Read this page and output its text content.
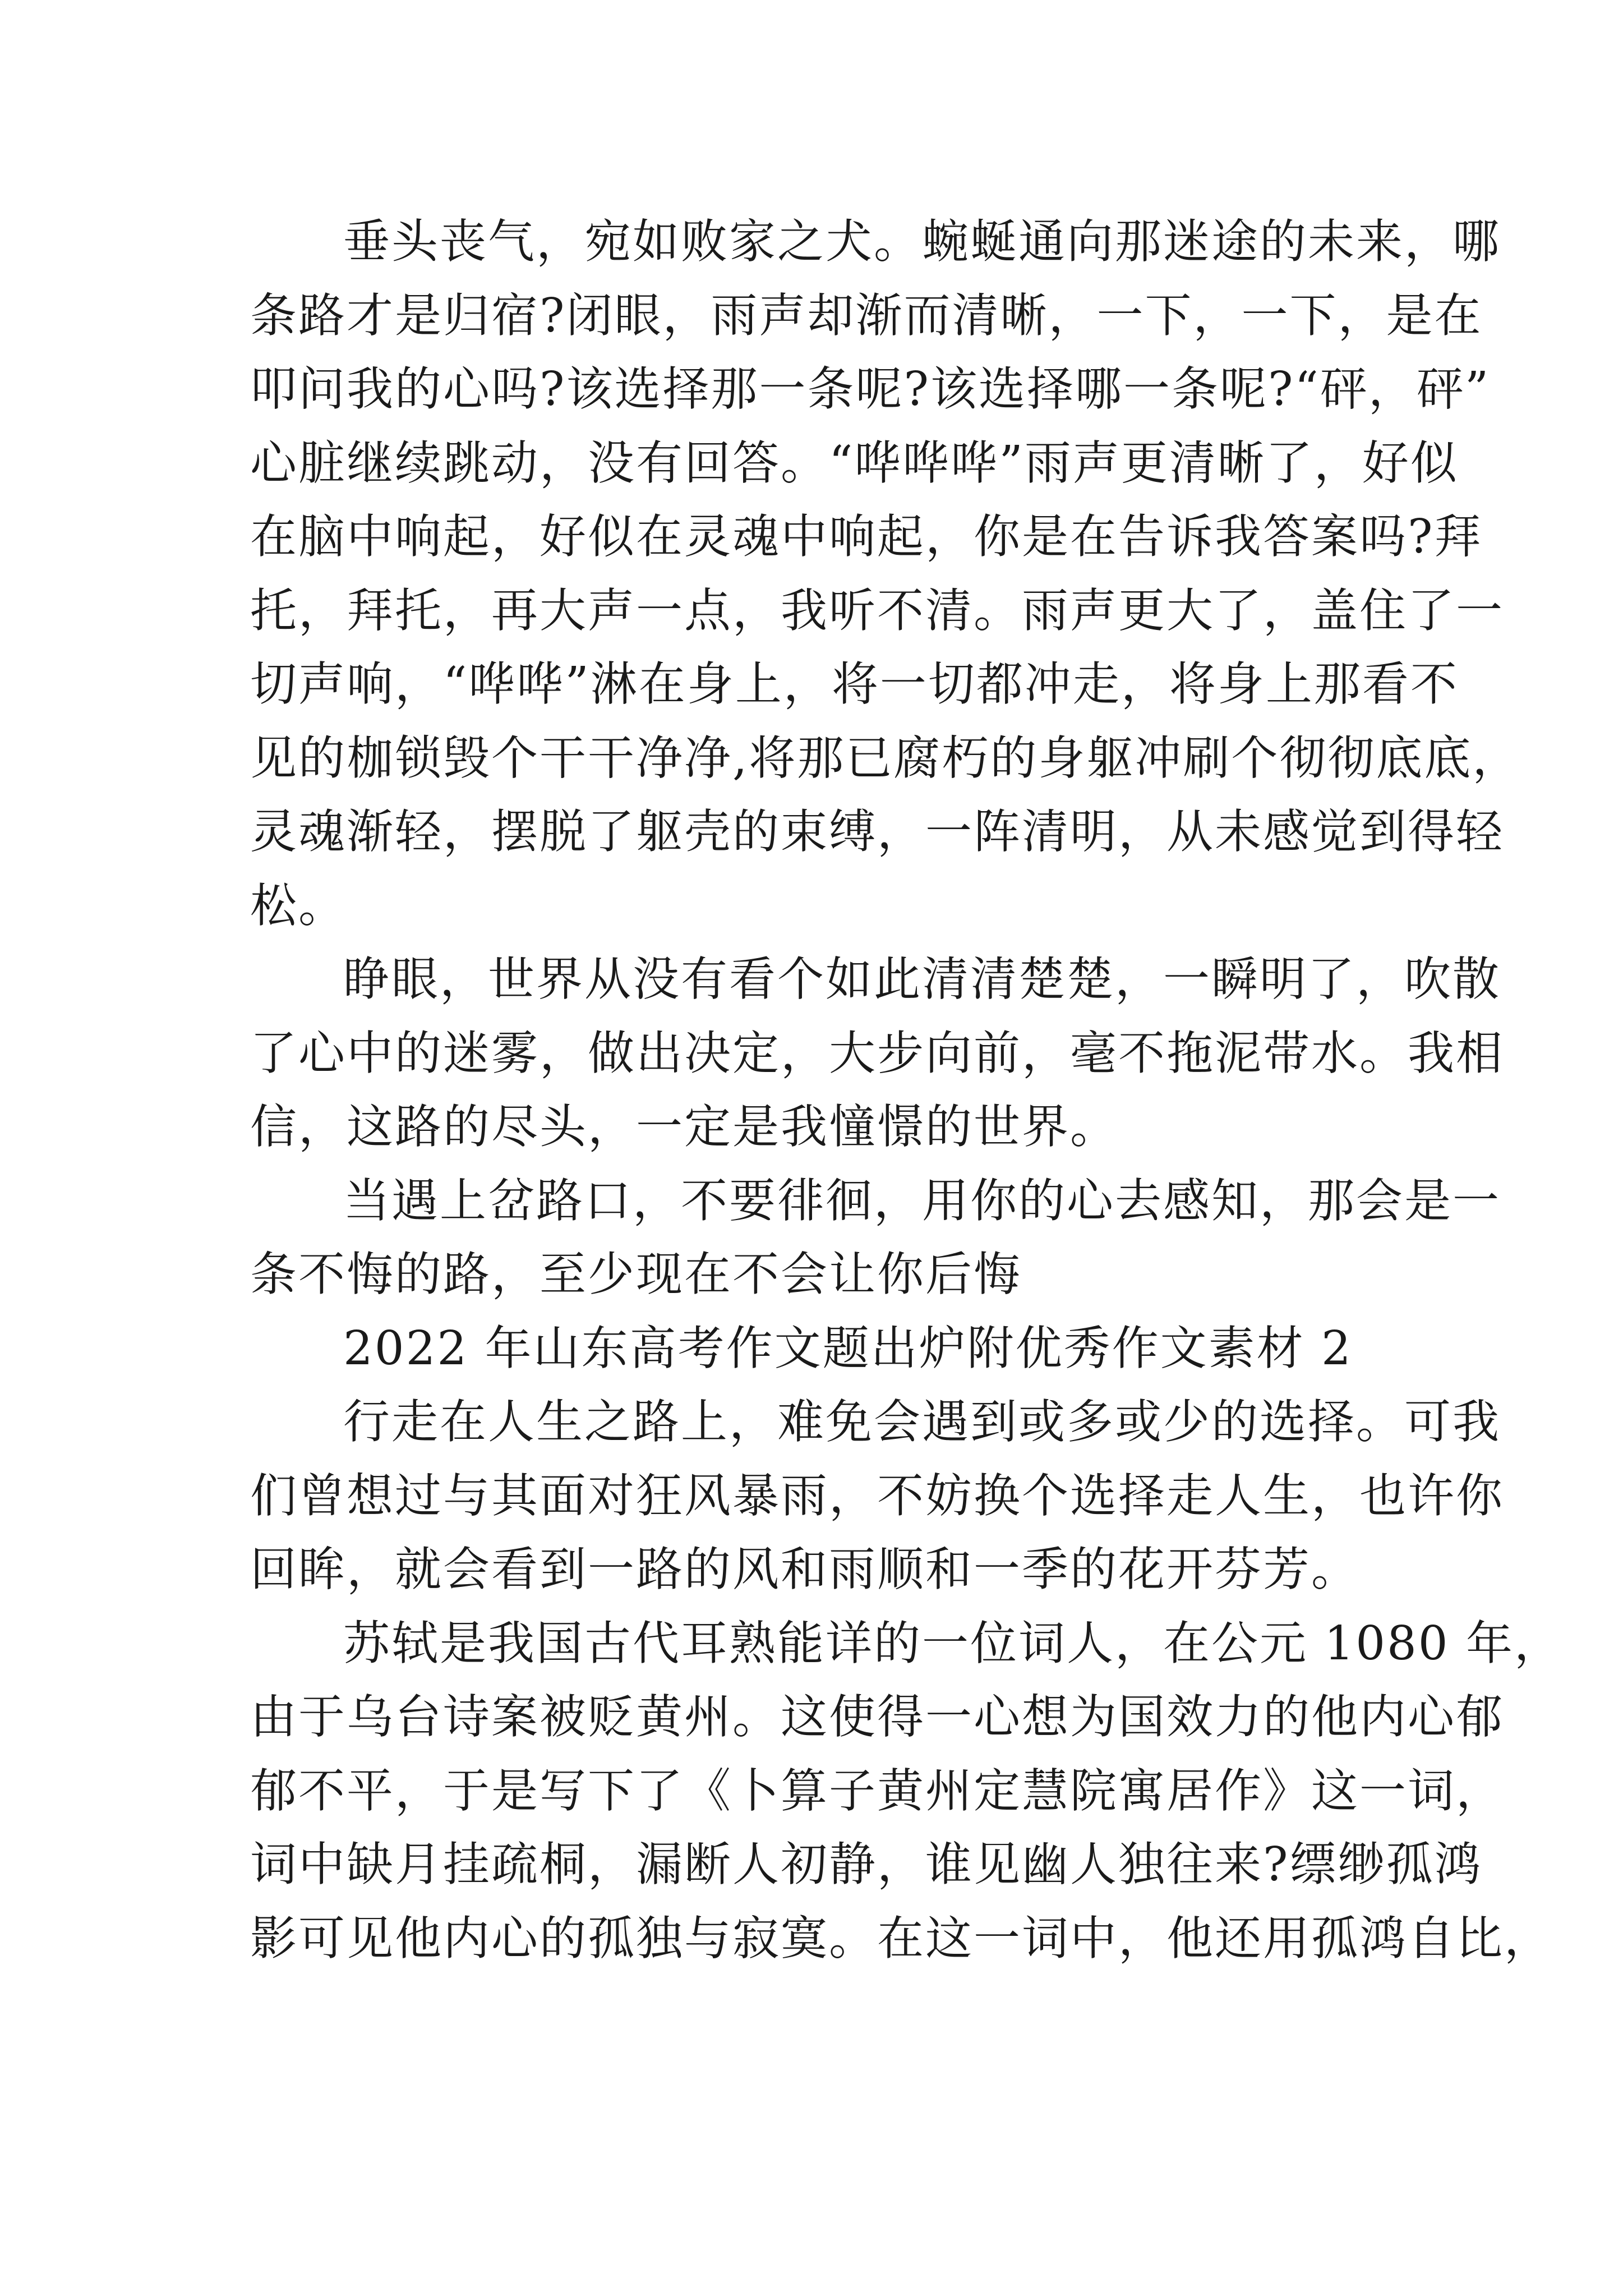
垂头丧气，宛如败家之犬。蜿蜒通向那迷途的未来，哪
条路才是归宿?闭眼，雨声却渐而清晰，一下，一下，是在
叩问我的心吗?该选择那一条呢?该选择哪一条呢?“砰，砰”
心脏继续跳动，没有回答。“哗哗哗”雨声更清晰了，好似
在脑中响起，好似在灵魂中响起，你是在告诉我答案吗?拜
托，拜托，再大声一点，我听不清。雨声更大了，盖住了一
切声响，“哗哗”淋在身上，将一切都冲走，将身上那看不
见的枷锁毁个干干净净,将那已腐朽的身躯冲刷个彻彻底底，
灵魂渐轻，摆脱了躯壳的束缚，一阵清明，从未感觉到得轻
松。
睁眼，世界从没有看个如此清清楚楚，一瞬明了，吹散
了心中的迷雾，做出决定，大步向前，毫不拖泥带水。我相
信，这路的尽头，一定是我憧憬的世界。
当遇上岔路口，不要徘徊，用你的心去感知，那会是一
条不悔的路，至少现在不会让你后悔
2022 年山东高考作文题出炉附优秀作文素材 2
行走在人生之路上，难免会遇到或多或少的选择。可我
们曾想过与其面对狂风暴雨，不妨换个选择走人生，也许你
回眸，就会看到一路的风和雨顺和一季的花开芬芳。
苏轼是我国古代耳熟能详的一位词人，在公元 1080 年，
由于乌台诗案被贬黄州。这使得一心想为国效力的他内心郁
郁不平，于是写下了《卜算子黄州定慧院寓居作》这一词，
词中缺月挂疏桐，漏断人初静，谁见幽人独往来?缥缈孤鸿
影可见他内心的孤独与寂寞。在这一词中，他还用孤鸿自比，
